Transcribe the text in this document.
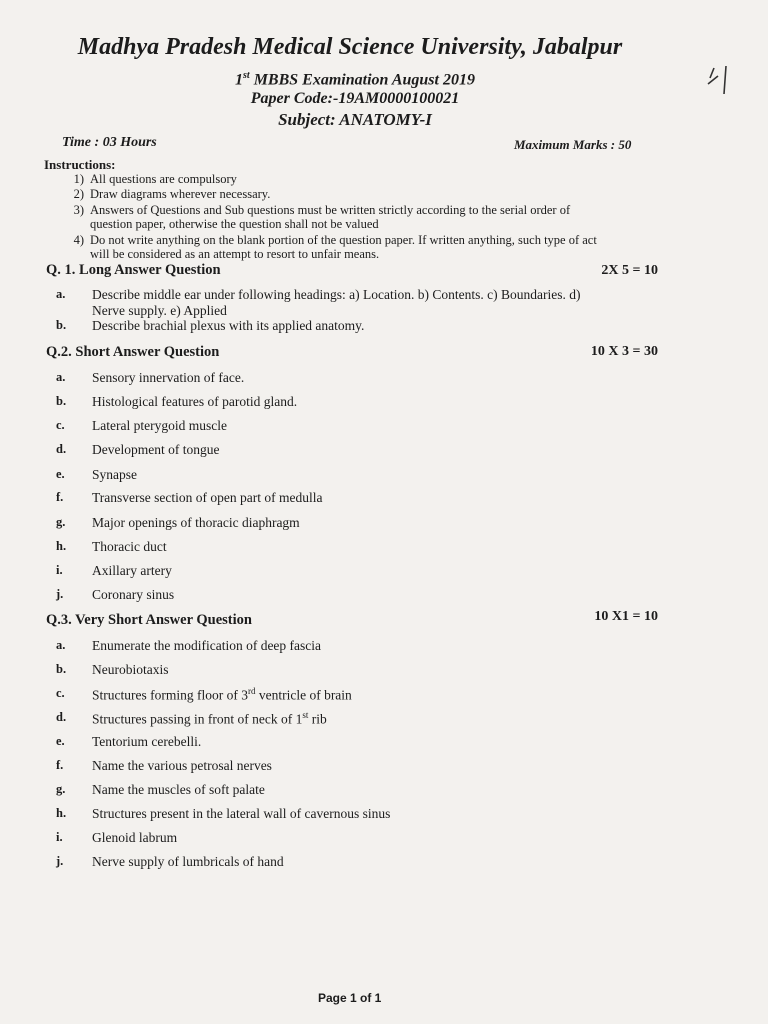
Madhya Pradesh Medical Science University, Jabalpur
1st MBBS Examination August 2019
Paper Code:-19AM0000100021
Subject: ANATOMY-I
Time : 03 Hours	Maximum Marks : 50
Instructions:
1) All questions are compulsory
2) Draw diagrams wherever necessary.
3) Answers of Questions and Sub questions must be written strictly according to the serial order of
question paper, otherwise the question shall not be valued
4) Do not write anything on the blank portion of the question paper. If written anything, such type of act
will be considered as an attempt to resort to unfair means.
Q. 1. Long Answer Question	2X 5 = 10
a.	Describe middle ear under following headings: a) Location. b) Contents. c) Boundaries. d)
Nerve supply. e) Applied
b.	Describe brachial plexus with its applied anatomy.
Q.2. Short Answer Question	10 X 3 = 30
a.	Sensory innervation of face.
b.	Histological features of parotid gland.
c.	Lateral pterygoid muscle
d.	Development of tongue
e.	Synapse
f.	Transverse section of open part of medulla
g.	Major openings of thoracic diaphragm
h.	Thoracic duct
i.	Axillary artery
j.	Coronary sinus
Q.3. Very Short Answer Question	10 X1 = 10
a.	Enumerate the modification of deep fascia
b.	Neurobiotaxis
c.	Structures forming floor of 3rd ventricle of brain
d.	Structures passing in front of neck of 1st rib
e.	Tentorium cerebelli.
f.	Name the various petrosal nerves
g.	Name the muscles of soft palate
h.	Structures present in the lateral wall of cavernous sinus
i.	Glenoid labrum
j.	Nerve supply of lumbricals of hand
Page 1 of 1
